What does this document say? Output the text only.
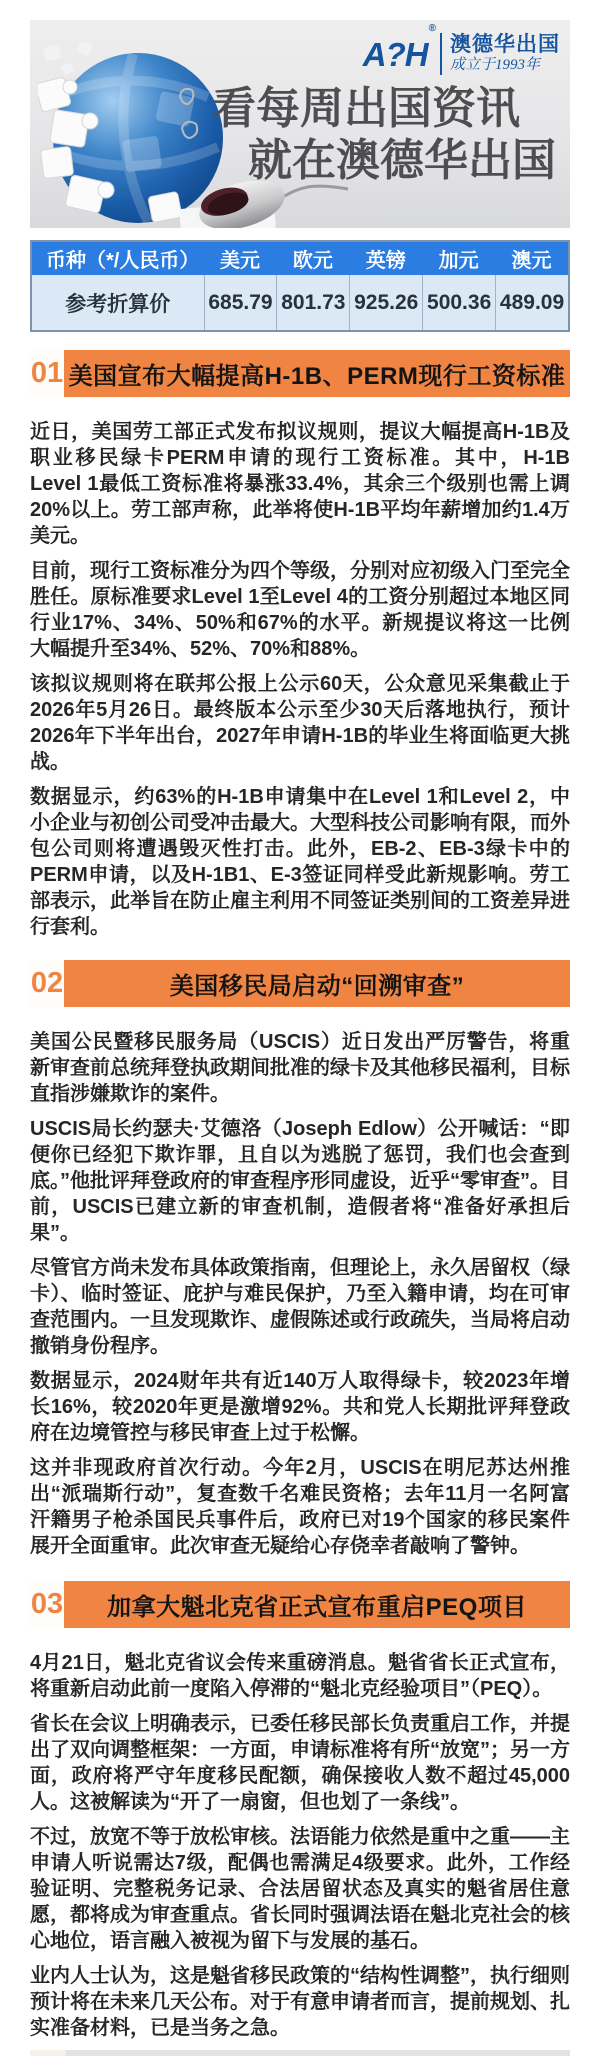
A?H®
澳德华出国
成立于1993年
看每周出国资讯
就在澳德华出国
币种（*/人民币）	美元	欧元	英镑	加元	澳元
参考折算价	685.79 801.73 925.26 500.36 489.09
01 美国宣布大幅提高H-1B、PERM现行工资标准

近日，美国劳工部正式发布拟议规则，提议大幅提高H-1B及职业移民绿卡PERM申请的现行工资标准。其中，H-1B Level 1最低工资标准将暴涨33.4%，其余三个级别也需上调20%以上。劳工部声称，此举将使H-1B平均年薪增加约1.4万美元。

目前，现行工资标准分为四个等级，分别对应初级入门至完全胜任。原标准要求Level 1至Level 4的工资分别超过本地区同行业17%、34%、50%和67%的水平。新规提议将这一比例大幅提升至34%、52%、70%和88%。

该拟议规则将在联邦公报上公示60天，公众意见采集截止于2026年5月26日。最终版本公示至少30天后落地执行，预计2026年下半年出台，2027年申请H-1B的毕业生将面临更大挑战。

数据显示，约63%的H-1B申请集中在Level 1和Level 2，中小企业与初创公司受冲击最大。大型科技公司影响有限，而外包公司则将遭遇毁灭性打击。此外，EB-2、EB-3绿卡中的PERM申请，以及H-1B1、E-3签证同样受此新规影响。劳工部表示，此举旨在防止雇主利用不同签证类别间的工资差异进行套利。

02	美国移民局启动“回溯审查”

美国公民暨移民服务局（USCIS）近日发出严厉警告，将重新审查前总统拜登执政期间批准的绿卡及其他移民福利，目标直指涉嫌欺诈的案件。

USCIS局长约瑟夫·艾德洛（Joseph Edlow）公开喊话：“即便你已经犯下欺诈罪，且自以为逃脱了惩罚，我们也会查到底。”他批评拜登政府的审查程序形同虚设，近乎“零审查”。目前，USCIS已建立新的审查机制，造假者将“准备好承担后果”。

尽管官方尚未发布具体政策指南，但理论上，永久居留权（绿卡）、临时签证、庇护与难民保护，乃至入籍申请，均在可审查范围内。一旦发现欺诈、虚假陈述或行政疏失，当局将启动撤销身份程序。

数据显示，2024财年共有近140万人取得绿卡，较2023年增长16%，较2020年更是激增92%。共和党人长期批评拜登政府在边境管控与移民审查上过于松懈。

这并非现政府首次行动。今年2月，USCIS在明尼苏达州推出“派瑞斯行动”，复查数千名难民资格；去年11月一名阿富汗籍男子枪杀国民兵事件后，政府已对19个国家的移民案件展开全面重审。此次审查无疑给心存侥幸者敲响了警钟。

03	加拿大魁北克省正式宣布重启PEQ项目

4月21日，魁北克省议会传来重磅消息。魁省省长正式宣布，将重新启动此前一度陷入停滞的“魁北克经验项目”（PEQ）。

省长在会议上明确表示，已委任移民部长负责重启工作，并提出了双向调整框架：一方面，申请标准将有所“放宽”；另一方面，政府将严守年度移民配额，确保接收人数不超过45,000人。这被解读为“开了一扇窗，但也划了一条线”。

不过，放宽不等于放松审核。法语能力依然是重中之重——主申请人听说需达7级，配偶也需满足4级要求。此外，工作经验证明、完整税务记录、合法居留状态及真实的魁省居住意愿，都将成为审查重点。省长同时强调法语在魁北克社会的核心地位，语言融入被视为留下与发展的基石。

业内人士认为，这是魁省移民政策的“结构性调整”，执行细则预计将在未来几天公布。对于有意申请者而言，提前规划、扎实准备材料，已是当务之急。
